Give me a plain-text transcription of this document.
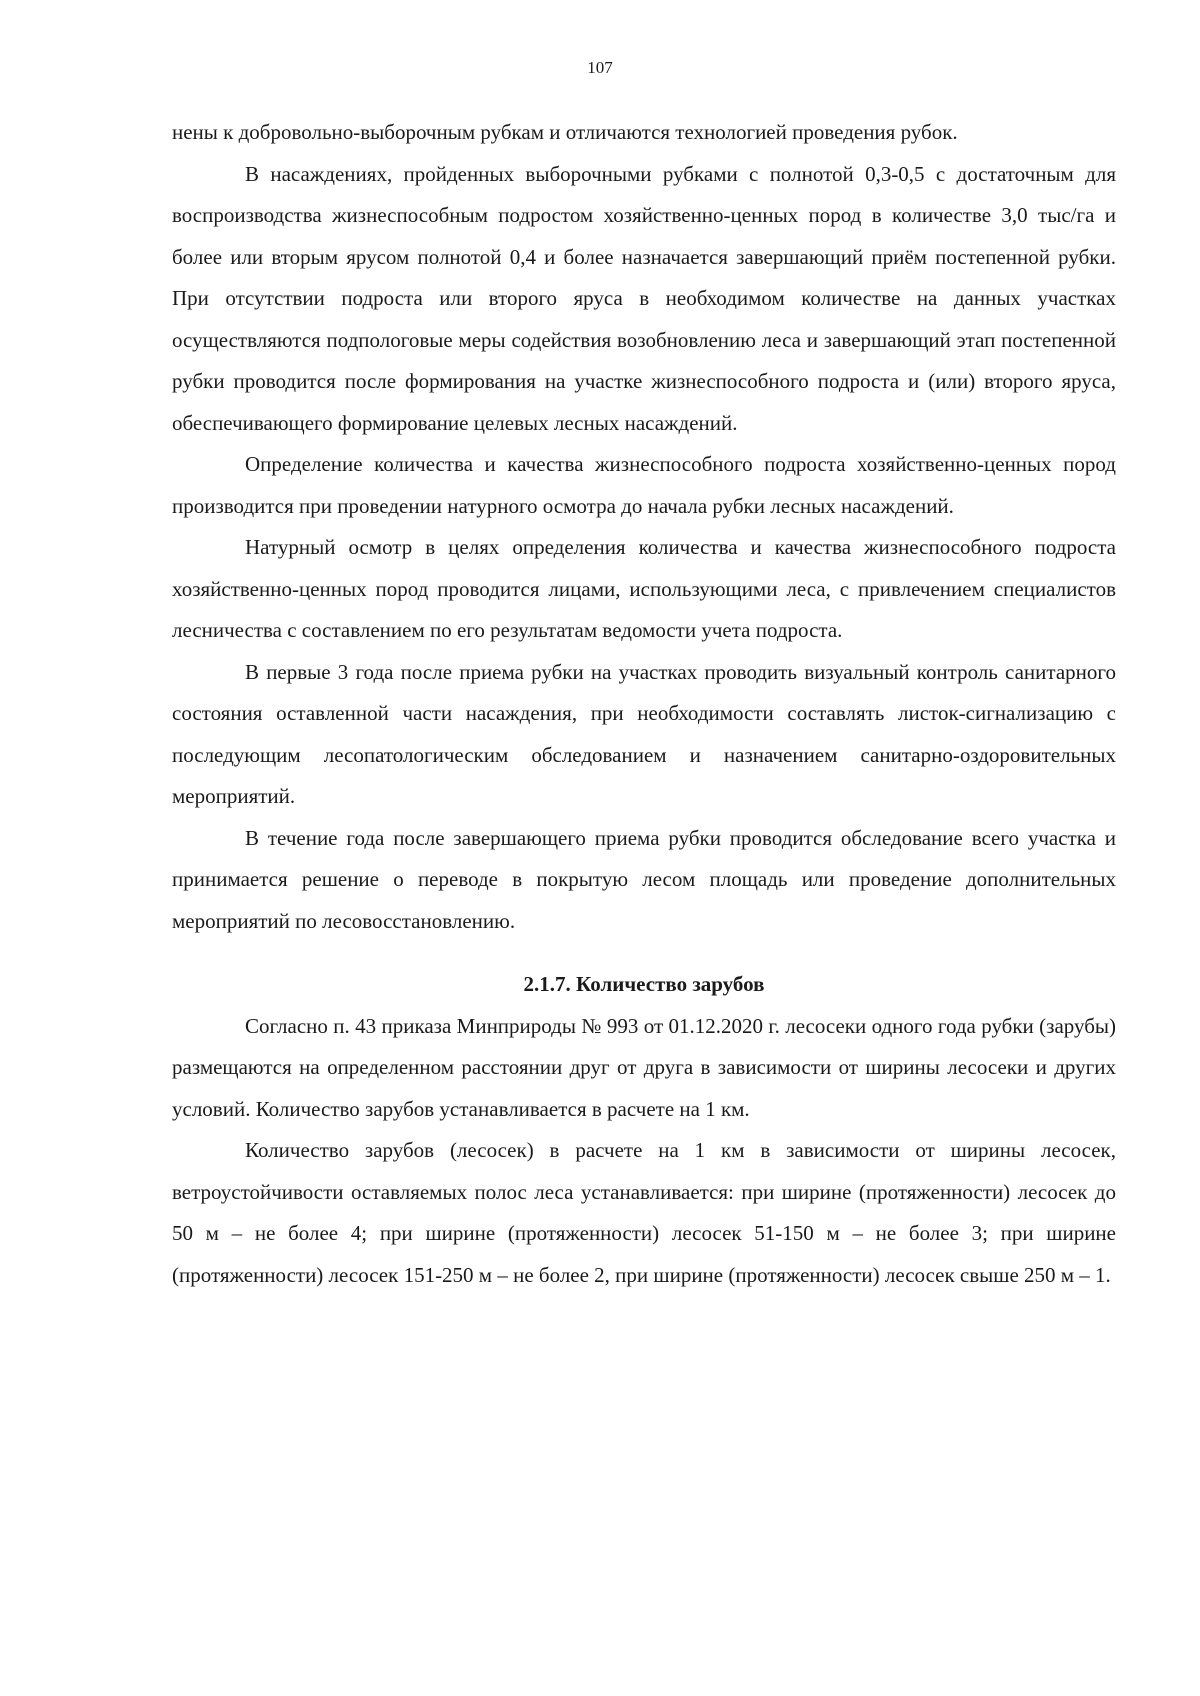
107

нены к добровольно-выборочным рубкам и отличаются технологией проведения рубок.

В насаждениях, пройденных выборочными рубками с полнотой 0,3-0,5 с достаточным для воспроизводства жизнеспособным подростом хозяйственно-ценных пород в количестве 3,0 тыс/га и более или вторым ярусом полнотой 0,4 и более назначается завершающий приём постепенной рубки. При отсутствии подроста или второго яруса в необходимом количестве на данных участках осуществляются подпологовые меры содействия возобновлению леса и завершающий этап постепенной рубки проводится после формирования на участке жизнеспособного подроста и (или) второго яруса, обеспечивающего формирование целевых лесных насаждений.

Определение количества и качества жизнеспособного подроста хозяйственно-ценных пород производится при проведении натурного осмотра до начала рубки лесных насаждений.

Натурный осмотр в целях определения количества и качества жизнеспособного подроста хозяйственно-ценных пород проводится лицами, использующими леса, с привлечением специалистов лесничества с составлением по его результатам ведомости учета подроста.

В первые 3 года после приема рубки на участках проводить визуальный контроль санитарного состояния оставленной части насаждения, при необходимости составлять листок-сигнализацию с последующим лесопатологическим обследованием и назначением санитарно-оздоровительных мероприятий.

В течение года после завершающего приема рубки проводится обследование всего участка и принимается решение о переводе в покрытую лесом площадь или проведение дополнительных мероприятий по лесовосстановлению.

2.1.7. Количество зарубов

Согласно п. 43 приказа Минприроды № 993 от 01.12.2020 г. лесосеки одного года рубки (зарубы) размещаются на определенном расстоянии друг от друга в зависимости от ширины лесосеки и других условий. Количество зарубов устанавливается в расчете на 1 км.

Количество зарубов (лесосек) в расчете на 1 км в зависимости от ширины лесосек, ветроустойчивости оставляемых полос леса устанавливается: при ширине (протяженности) лесосек до 50 м – не более 4; при ширине (протяженности) лесосек 51-150 м – не более 3; при ширине (протяженности) лесосек 151-250 м – не более 2, при ширине (протяженности) лесосек свыше 250 м – 1.
